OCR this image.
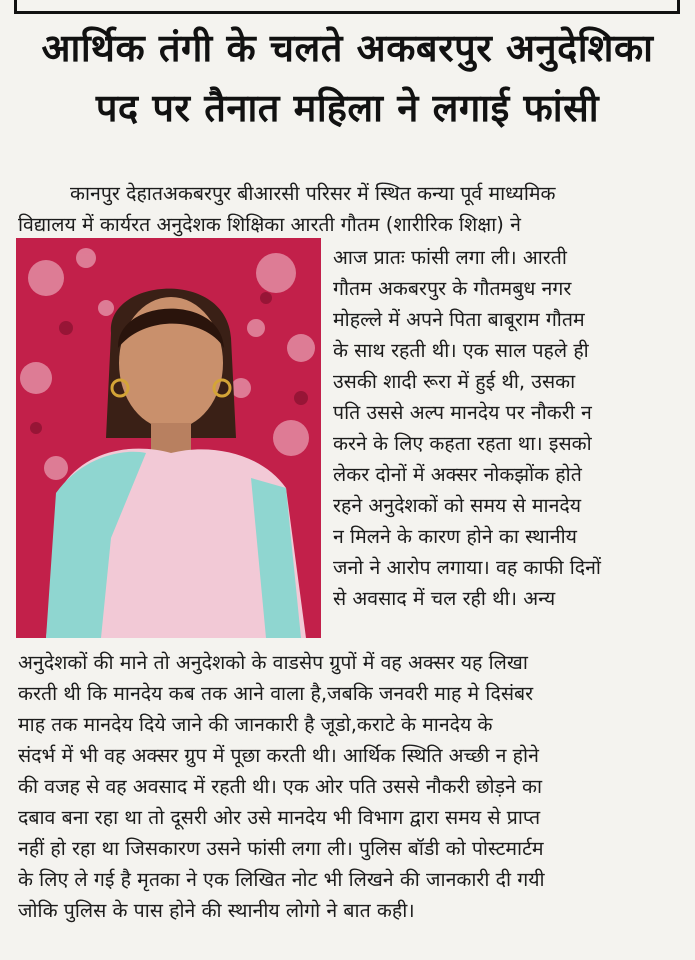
आर्थिक तंगी के चलते अकबरपुर अनुदेशिका
पद पर तैनात महिला ने लगाई फांसी
कानपुर देहातअकबरपुर बीआरसी परिसर में स्थित कन्या पूर्व माध्यमिक
विद्यालय में कार्यरत अनुदेशक शिक्षिका आरती गौतम (शारीरिक शिक्षा) ने
आज प्रातः फांसी लगा ली। आरती
गौतम अकबरपुर के गौतमबुध नगर
मोहल्ले में अपने पिता बाबूराम गौतम
के साथ रहती थी। एक साल पहले ही
उसकी शादी रूरा में हुई थी, उसका
पति उससे अल्प मानदेय पर नौकरी न
करने के लिए कहता रहता था। इसको
लेकर दोनों में अक्सर नोकझोंक होते
रहने अनुदेशकों को समय से मानदेय
न मिलने के कारण होने का स्थानीय
जनो ने आरोप लगाया। वह काफी दिनों
से अवसाद में चल रही थी। अन्य
अनुदेशकों की माने तो अनुदेशको के वाडसेप ग्रुपों में वह अक्सर यह लिखा
करती थी कि मानदेय कब तक आने वाला है,जबकि जनवरी माह मे दिसंबर
माह तक मानदेय दिये जाने की जानकारी है जूडो,कराटे के मानदेय के
संदर्भ में भी वह अक्सर ग्रुप में पूछा करती थी। आर्थिक स्थिति अच्छी न होने
की वजह से वह अवसाद में रहती थी। एक ओर पति उससे नौकरी छोड़ने का
दबाव बना रहा था तो दूसरी ओर उसे मानदेय भी विभाग द्वारा समय से प्राप्त
नहीं हो रहा था जिसकारण उसने फांसी लगा ली। पुलिस बॉडी को पोस्टमार्टम
के लिए ले गई है मृतका ने एक लिखित नोट भी लिखने की जानकारी दी गयी
जोकि पुलिस के पास होने की स्थानीय लोगो ने बात कही।
